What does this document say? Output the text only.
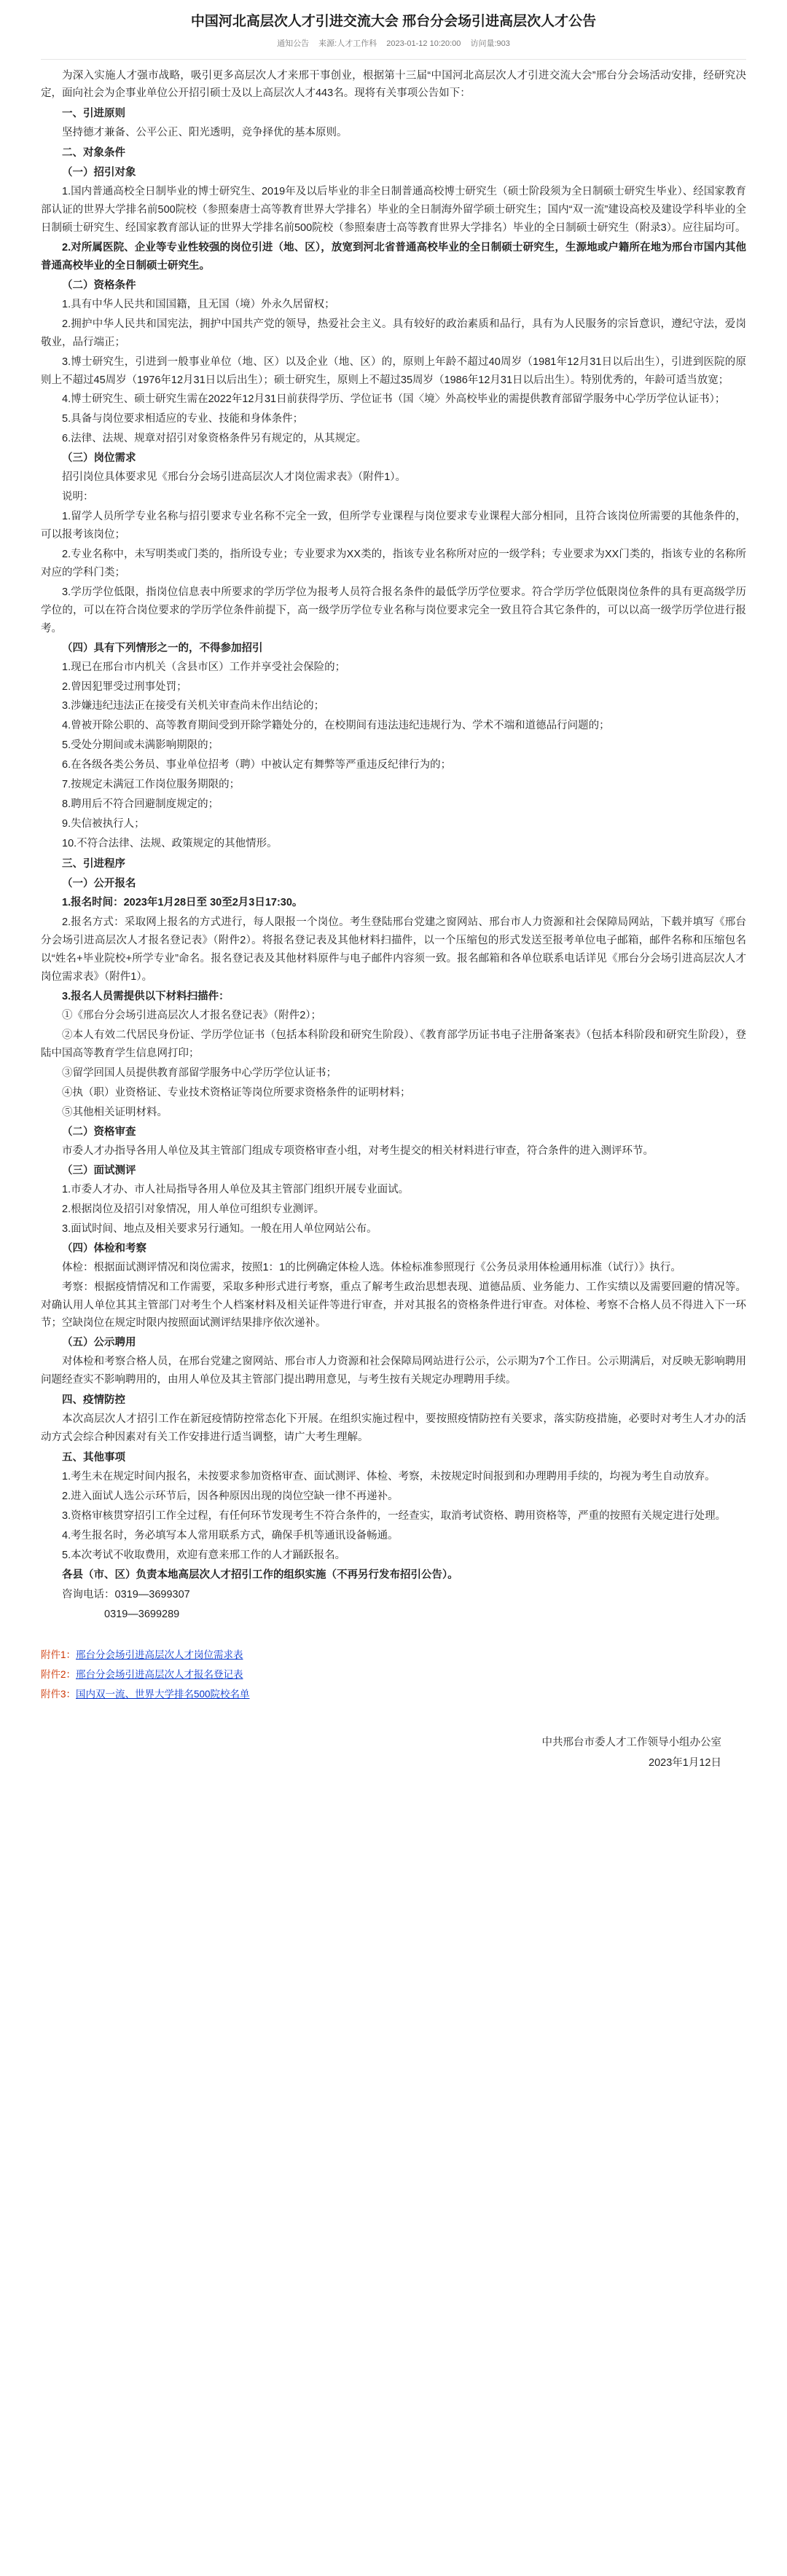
中国河北高层次人才引进交流大会 邢台分会场引进高层次人才公告
通知公告 来源:人才工作科 2023-01-12 10:20:00 访问量:903
为深入实施人才强市战略，吸引更多高层次人才来邢干事创业，根据第十三届“中国河北高层次人才引进交流大会”邢台分会场活动安排，经研究决定，面向社会为企事业单位公开招引硕士及以上高层次人才443名。现将有关事项公告如下：
一、引进原则
坚持德才兼备、公平公正、阳光透明，竞争择优的基本原则。
二、对象条件
（一）招引对象
1.国内普通高校全日制毕业的博士研究生、2019年及以后毕业的非全日制普通高校博士研究生（硕士阶段须为全日制硕士研究生毕业）、经国家教育部认证的世界大学排名前500院校（参照秦唐士高等教育世界大学排名）毕业的全日制海外留学硕士研究生；国内“双一流”建设高校及建设学科毕业的全日制硕士研究生、经国家教育部认证的世界大学排名前500院校（参照秦唐士高等教育世界大学排名）毕业的全日制硕士研究生（附录3）。应往届均可。
2.对所属医院、企业等专业性较强的岗位引进（地、区），放宽到河北省普通高校毕业的全日制硕士研究生，生源地或户籍所在地为邢台市国内其他普通高校毕业的全日制硕士研究生。
（二）资格条件
1.具有中华人民共和国国籍，且无国（境）外永久居留权；
2.拥护中华人民共和国宪法，拥护中国共产党的领导，热爱社会主义。具有较好的政治素质和品行，具有为人民服务的宗旨意识，遵纪守法，爱岗敬业，品行端正；
3.博士研究生，引进到一般事业单位（地、区）以及企业（地、区）的，原则上年龄不超过40周岁（1981年12月31日以后出生），引进到医院的原则上不超过45周岁（1976年12月31日以后出生）；硕士研究生，原则上不超过35周岁（1986年12月31日以后出生）。特别优秀的，年龄可适当放宽；
4.博士研究生、硕士研究生需在2022年12月31日前获得学历、学位证书（国〈境〉外高校毕业的需提供教育部留学服务中心学历学位认证书）；
5.具备与岗位要求相适应的专业、技能和身体条件；
6.法律、法规、规章对招引对象资格条件另有规定的，从其规定。
（三）岗位需求
招引岗位具体要求见《邢台分会场引进高层次人才岗位需求表》（附件1）。
说明：
1.留学人员所学专业名称与招引要求专业名称不完全一致，但所学专业课程与岗位要求专业课程大部分相同，且符合该岗位所需要的其他条件的，可以报考该岗位；
2.专业名称中，未写明类或门类的，指所设专业；专业要求为XX类的，指该专业名称所对应的一级学科；专业要求为XX门类的，指该专业的名称所对应的学科门类；
3.学历学位低限，指岗位信息表中所要求的学历学位为报考人员符合报名条件的最低学历学位要求。符合学历学位低限岗位条件的具有更高级学历学位的，可以在符合岗位要求的学历学位条件前提下，高一级学历学位专业名称与岗位要求完全一致且符合其它条件的，可以以高一级学历学位进行报考。
（四）具有下列情形之一的，不得参加招引
1.现已在邢台市内机关（含县市区）工作并享受社会保险的；
2.曾因犯罪受过刑事处罚；
3.涉嫌违纪违法正在接受有关机关审查尚未作出结论的；
4.曾被开除公职的、高等教育期间受到开除学籍处分的，在校期间有违法违纪违规行为、学术不端和道德品行问题的；
5.受处分期间或未满影响期限的；
6.在各级各类公务员、事业单位招考（聘）中被认定有舞弊等严重违反纪律行为的；
7.按规定未满冠工作岗位服务期限的；
8.聘用后不符合回避制度规定的；
9.失信被执行人；
10.不符合法律、法规、政策规定的其他情形。
三、引进程序
（一）公开报名
1.报名时间：2023年1月28日至 30至2月3日17:30。
2.报名方式：采取网上报名的方式进行，每人限报一个岗位。考生登陆邢台党建之窗网站、邢台市人力资源和社会保障局网站，下载并填写《邢台分会场引进高层次人才报名登记表》（附件2）。将报名登记表及其他材料扫描件，以一个压缩包的形式发送至报考单位电子邮箱，邮件名称和压缩包名以“姓名+毕业院校+所学专业”命名。报名登记表及其他材料原件与电子邮件内容须一致。报名邮箱和各单位联系电话详见《邢台分会场引进高层次人才岗位需求表》（附件1）。
3.报名人员需提供以下材料扫描件：
①《邢台分会场引进高层次人才报名登记表》（附件2）；
②本人有效二代居民身份证、学历学位证书（包括本科阶段和研究生阶段）、《教育部学历证书电子注册备案表》（包括本科阶段和研究生阶段），登陆中国高等教育学生信息网打印；
③留学回国人员提供教育部留学服务中心学历学位认证书；
④执（职）业资格证、专业技术资格证等岗位所要求资格条件的证明材料；
⑤其他相关证明材料。
（二）资格审查
市委人才办指导各用人单位及其主管部门组成专项资格审查小组，对考生提交的相关材料进行审查，符合条件的进入测评环节。
（三）面试测评
1.市委人才办、市人社局指导各用人单位及其主管部门组织开展专业面试。
2.根据岗位及招引对象情况，用人单位可组织专业测评。
3.面试时间、地点及相关要求另行通知。一般在用人单位网站公布。
（四）体检和考察
体检：根据面试测评情况和岗位需求，按照1：1的比例确定体检人选。体检标准参照现行《公务员录用体检通用标准（试行）》执行。
考察：根据疫情情况和工作需要，采取多种形式进行考察，重点了解考生政治思想表现、道德品质、业务能力、工作实绩以及需要回避的情况等。对确认用人单位其其主管部门对考生个人档案材料及相关证件等进行审查，并对其报名的资格条件进行审查。对体检、考察不合格人员不得进入下一环节；空缺岗位在规定时限内按照面试测评结果排序依次递补。
（五）公示聘用
对体检和考察合格人员，在邢台党建之窗网站、邢台市人力资源和社会保障局网站进行公示，公示期为7个工作日。公示期满后，对反映无影响聘用问题经查实不影响聘用的，由用人单位及其主管部门提出聘用意见，与考生按有关规定办理聘用手续。
四、疫情防控
本次高层次人才招引工作在新冠疫情防控常态化下开展。在组织实施过程中，要按照疫情防控有关要求，落实防疫措施，必要时对考生人才办的活动方式会综合种因素对有关工作安排进行适当调整，请广大考生理解。
五、其他事项
1.考生未在规定时间内报名，未按要求参加资格审查、面试测评、体检、考察，未按规定时间报到和办理聘用手续的，均视为考生自动放弃。
2.进入面试人选公示环节后，因各种原因出现的岗位空缺一律不再递补。
3.资格审核贯穿招引工作全过程，有任何环节发现考生不符合条件的，一经查实，取消考试资格、聘用资格等，严重的按照有关规定进行处理。
4.考生报名时，务必填写本人常用联系方式，确保手机等通讯设备畅通。
5.本次考试不收取费用，欢迎有意来邢工作的人才踊跃报名。
各县（市、区）负责本地高层次人才招引工作的组织实施（不再另行发布招引公告）。
咨询电话：0319—3699307
0319—3699289
附件1：邢台分会场引进高层次人才岗位需求表
附件2：邢台分会场引进高层次人才报名登记表
附件3：国内双一流、世界大学排名500院校名单
中共邢台市委人才工作领导小组办公室
2023年1月12日
